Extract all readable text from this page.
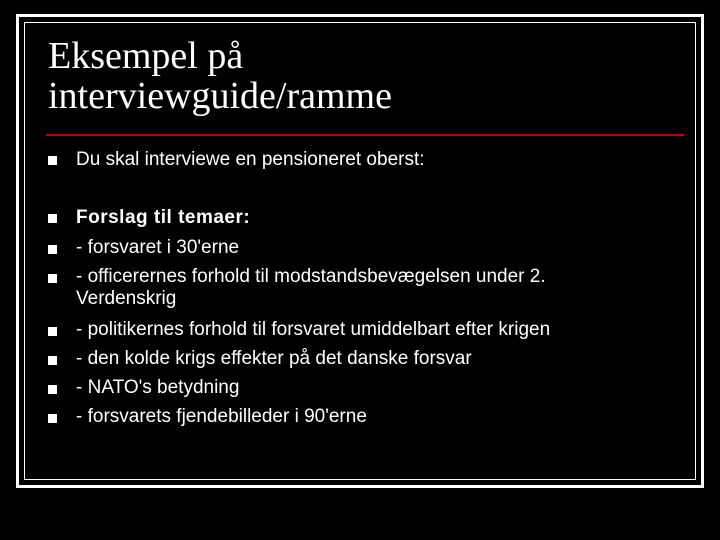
Eksempel på
interviewguide/ramme
Du skal interviewe en pensioneret oberst:
Forslag til temaer:
- forsvaret i 30'erne
- officerernes forhold til modstandsbevægelsen under 2.
Verdenskrig
- politikernes forhold til forsvaret umiddelbart efter krigen
- den kolde krigs effekter på det danske forsvar
- NATO's betydning
- forsvarets fjendebilleder i 90'erne
